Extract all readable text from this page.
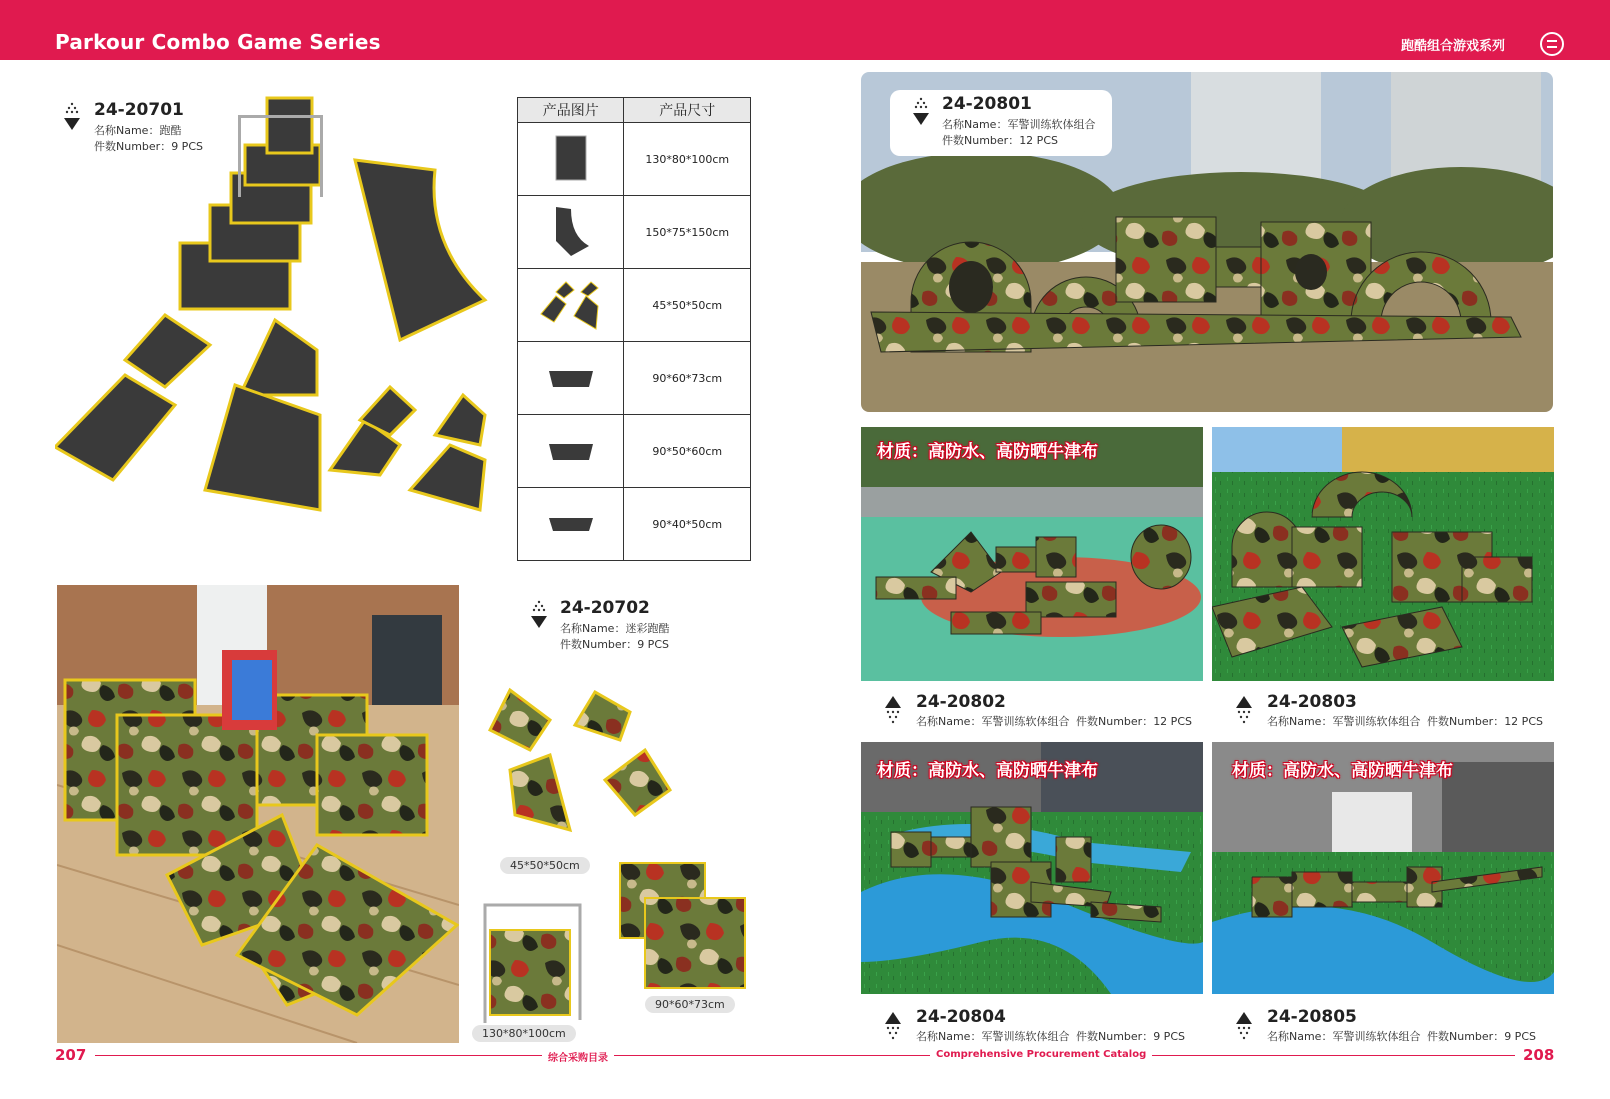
Parkour Combo Game Series	跑酷组合游戏系列
24-20701
名称Name：跑酷
件数Number：9 PCS
产品图片	产品尺寸
	130*80*100cm
	150*75*150cm
	45*50*50cm
	90*60*73cm
	90*50*60cm
	90*40*50cm
24-20702
名称Name：迷彩跑酷
件数Number：9 PCS
45*50*50cm
130*80*100cm
90*60*73cm
24-20801
名称Name：军警训练软体组合
件数Number：12 PCS
材质：高防水、高防晒牛津布
24-20802
名称Name：军警训练软体组合 件数Number：12 PCS
24-20803
名称Name：军警训练软体组合 件数Number：12 PCS
材质：高防水、高防晒牛津布	材质：高防水、高防晒牛津布
24-20804
名称Name：军警训练软体组合 件数Number：9 PCS
24-20805
名称Name：军警训练软体组合 件数Number：9 PCS
207	综合采购目录	Comprehensive Procurement Catalog	208
